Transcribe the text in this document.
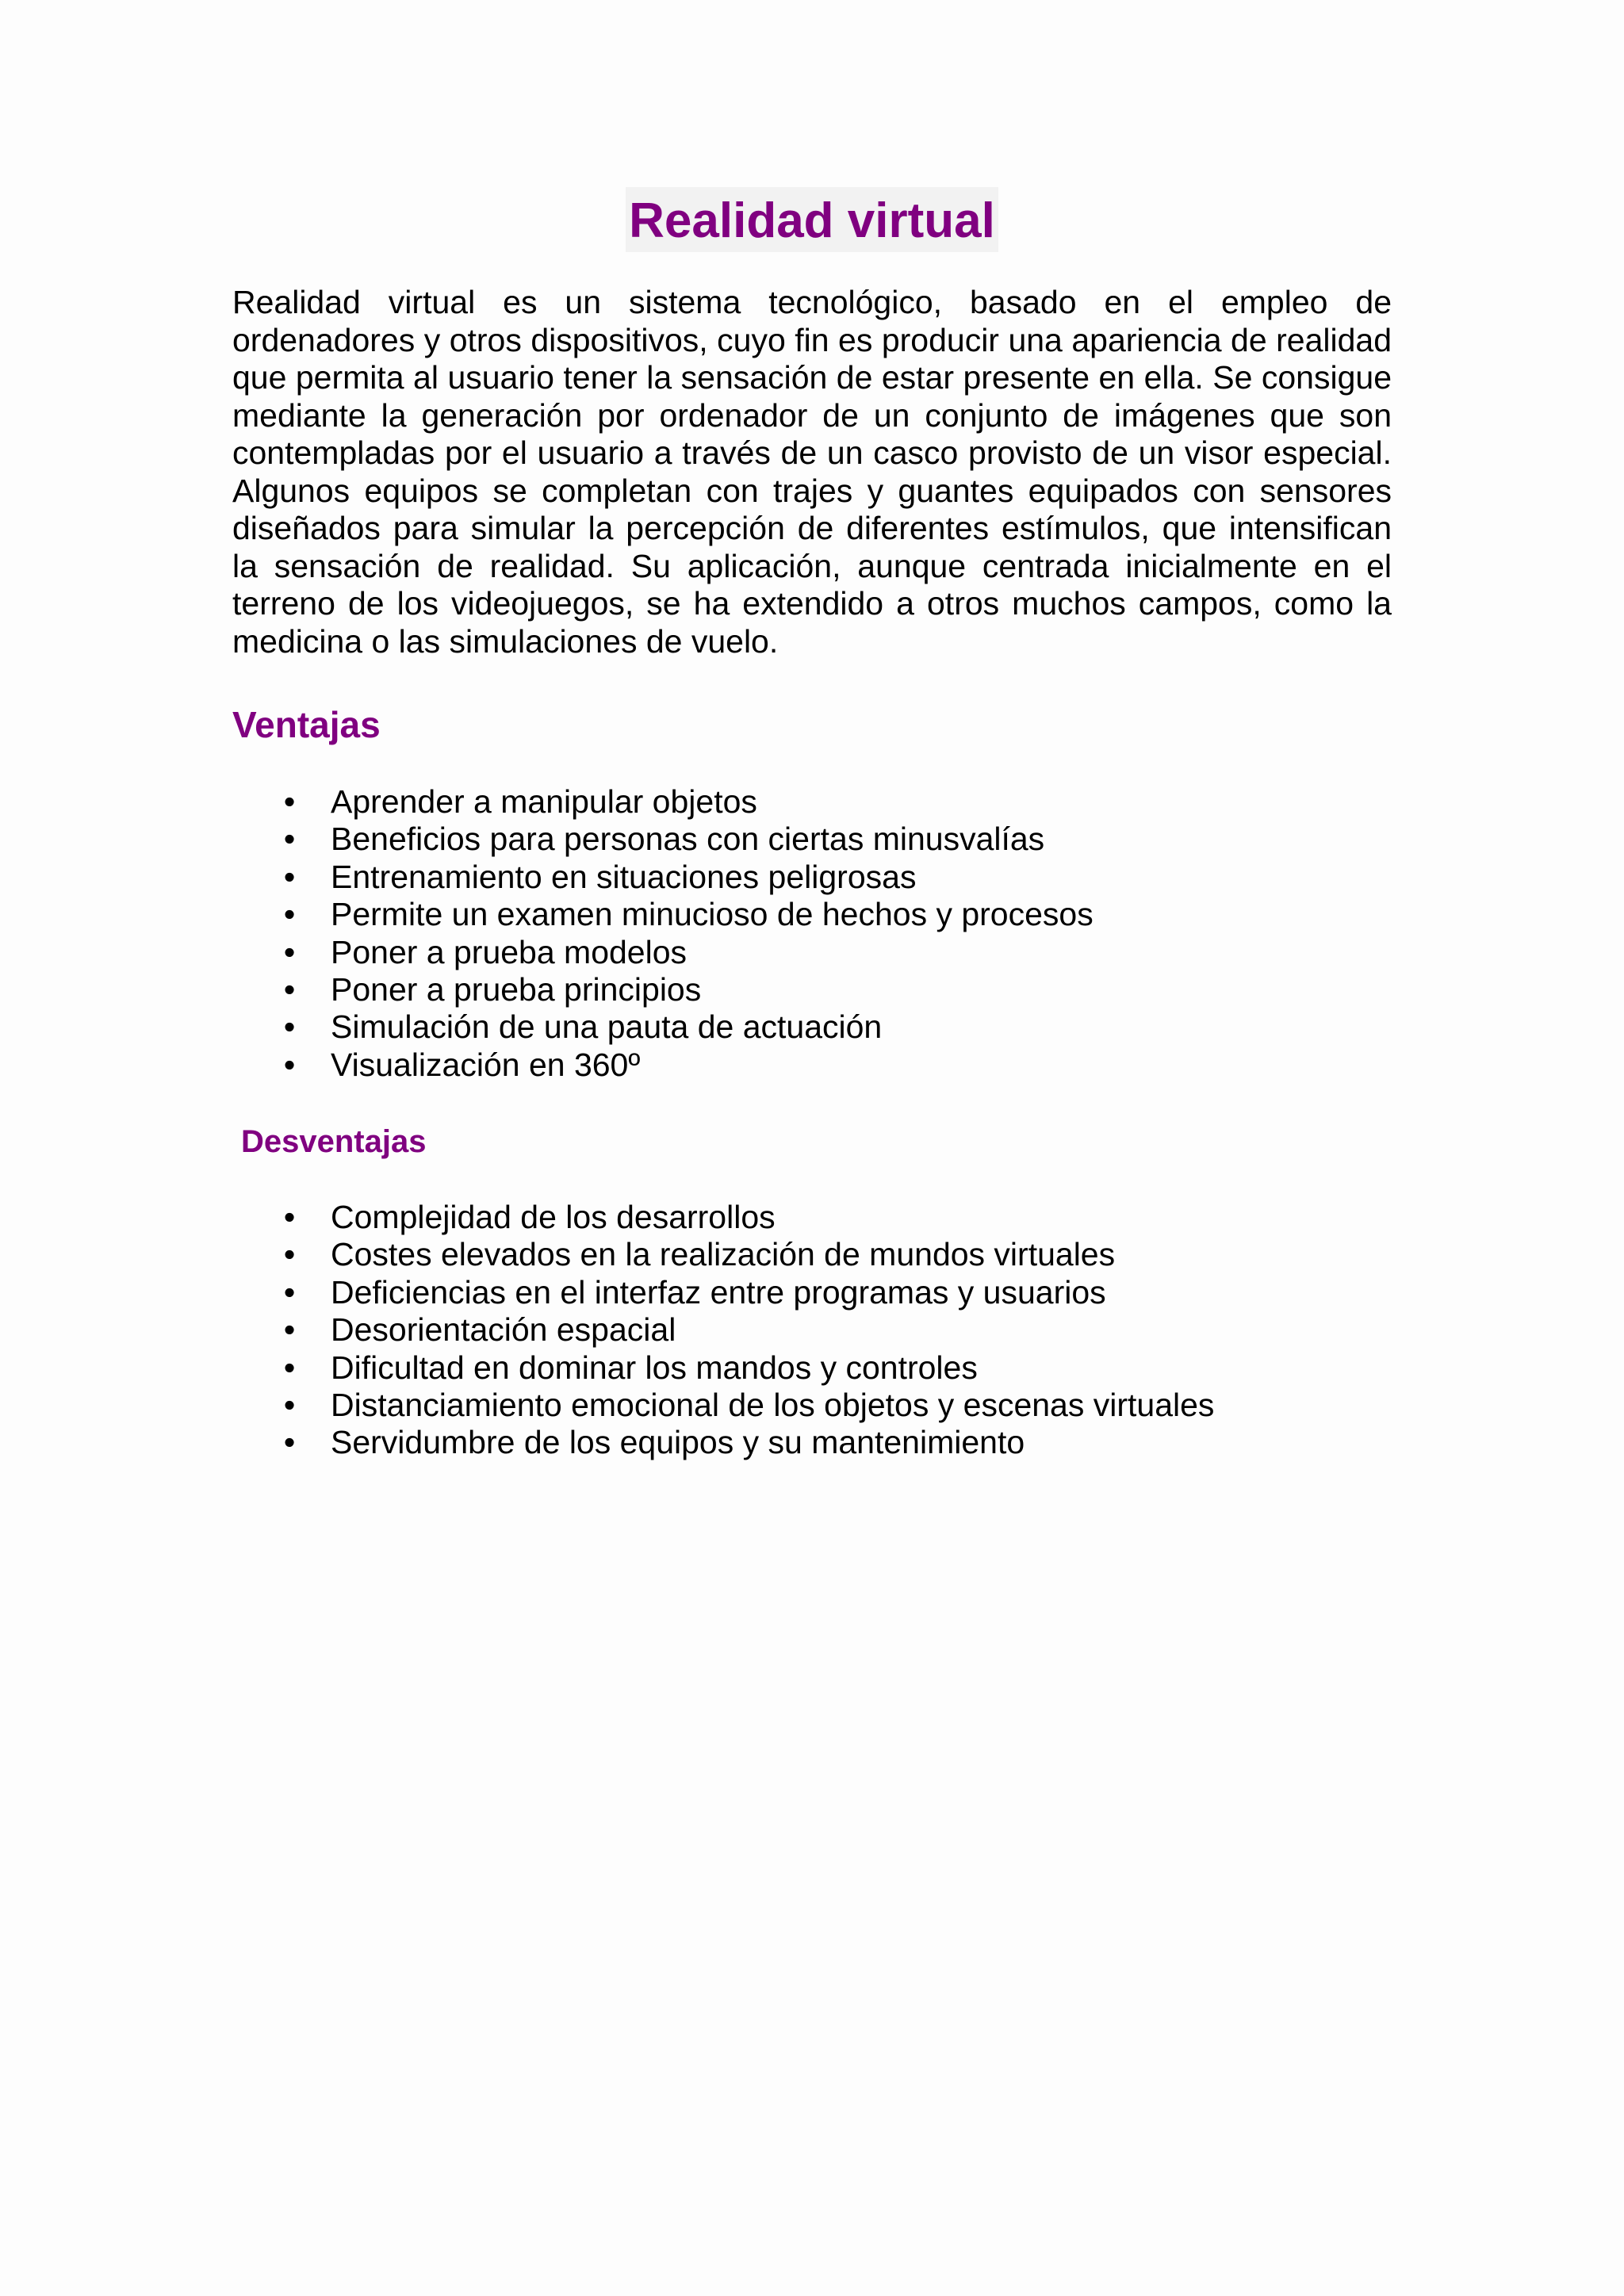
Realidad virtual

Realidad virtual es un sistema tecnológico, basado en el empleo de ordenadores y otros dispositivos, cuyo fin es producir una apariencia de realidad que permita al usuario tener la sensación de estar presente en ella. Se consigue mediante la generación por ordenador de un conjunto de imágenes que son contempladas por el usuario a través de un casco provisto de un visor especial. Algunos equipos se completan con trajes y guantes equipados con sensores diseñados para simular la percepción de diferentes estímulos, que intensifican la sensación de realidad. Su aplicación, aunque centrada inicialmente en el terreno de los videojuegos, se ha extendido a otros muchos campos, como la medicina o las simulaciones de vuelo.

Ventajas
• Aprender a manipular objetos
• Beneficios para personas con ciertas minusvalías
• Entrenamiento en situaciones peligrosas
• Permite un examen minucioso de hechos y procesos
• Poner a prueba modelos
• Poner a prueba principios
• Simulación de una pauta de actuación
• Visualización en 360º
Desventajas
• Complejidad de los desarrollos
• Costes elevados en la realización de mundos virtuales
• Deficiencias en el interfaz entre programas y usuarios
• Desorientación espacial
• Dificultad en dominar los mandos y controles
• Distanciamiento emocional de los objetos y escenas virtuales
• Servidumbre de los equipos y su mantenimiento
